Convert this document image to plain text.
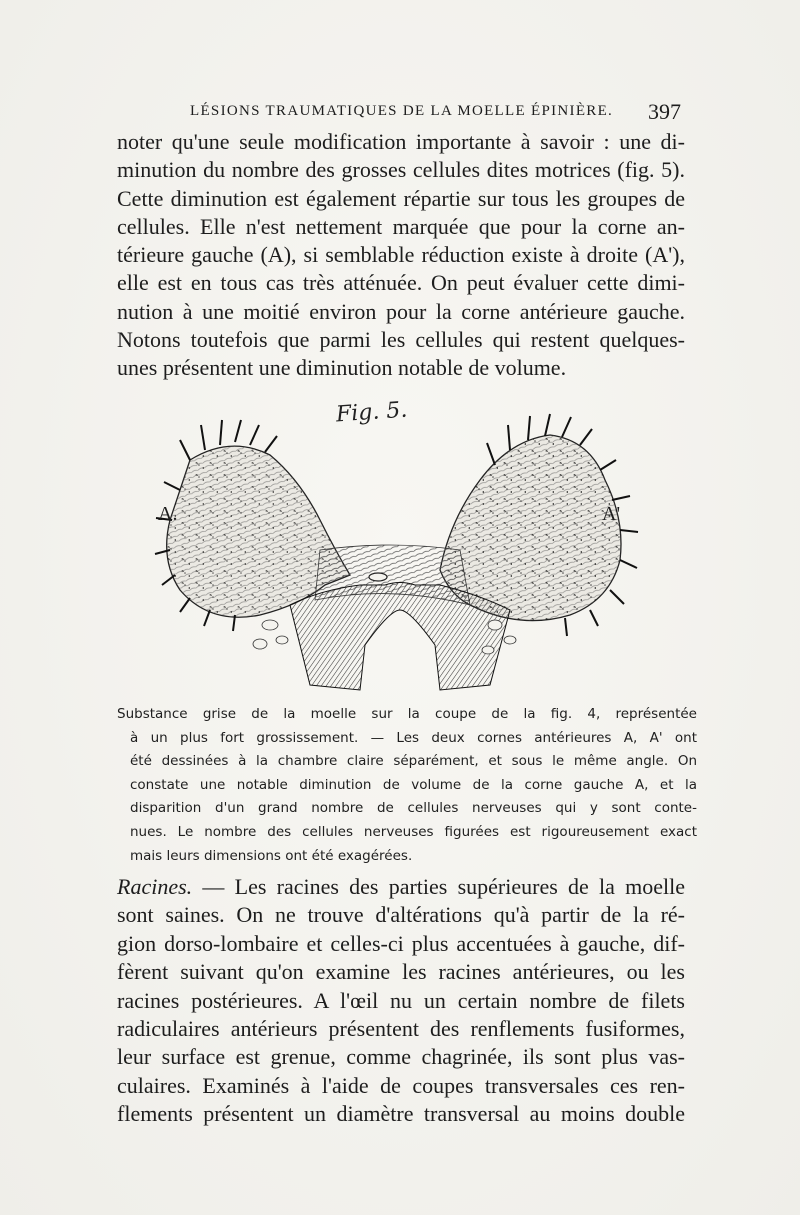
LÉSIONS TRAUMATIQUES DE LA MOELLE ÉPINIÈRE. 397

noter qu'une seule modification importante à savoir : une di-
minution du nombre des grosses cellules dites motrices (fig. 5).
Cette diminution est également répartie sur tous les groupes de
cellules. Elle n'est nettement marquée que pour la corne an-
térieure gauche (A), si semblable réduction existe à droite (A'),
elle est en tous cas très atténuée. On peut évaluer cette dimi-
nution à une moitié environ pour la corne antérieure gauche.
Notons toutefois que parmi les cellules qui restent quelques-
unes présentent une diminution notable de volume.

Fig. 5.
A.	A'

Substance grise de la moelle sur la coupe de la fig. 4, représentée
à un plus fort grossissement. — Les deux cornes antérieures A, A' ont
été dessinées à la chambre claire séparément, et sous le même angle. On
constate une notable diminution de volume de la corne gauche A, et la
disparition d'un grand nombre de cellules nerveuses qui y sont conte-
nues. Le nombre des cellules nerveuses figurées est rigoureusement exact
mais leurs dimensions ont été exagérées.

Racines. — Les racines des parties supérieures de la moelle
sont saines. On ne trouve d'altérations qu'à partir de la ré-
gion dorso-lombaire et celles-ci plus accentuées à gauche, dif-
fèrent suivant qu'on examine les racines antérieures, ou les
racines postérieures. A l'œil nu un certain nombre de filets
radiculaires antérieurs présentent des renflements fusiformes,
leur surface est grenue, comme chagrinée, ils sont plus vas-
culaires. Examinés à l'aide de coupes transversales ces ren-
flements présentent un diamètre transversal au moins double
